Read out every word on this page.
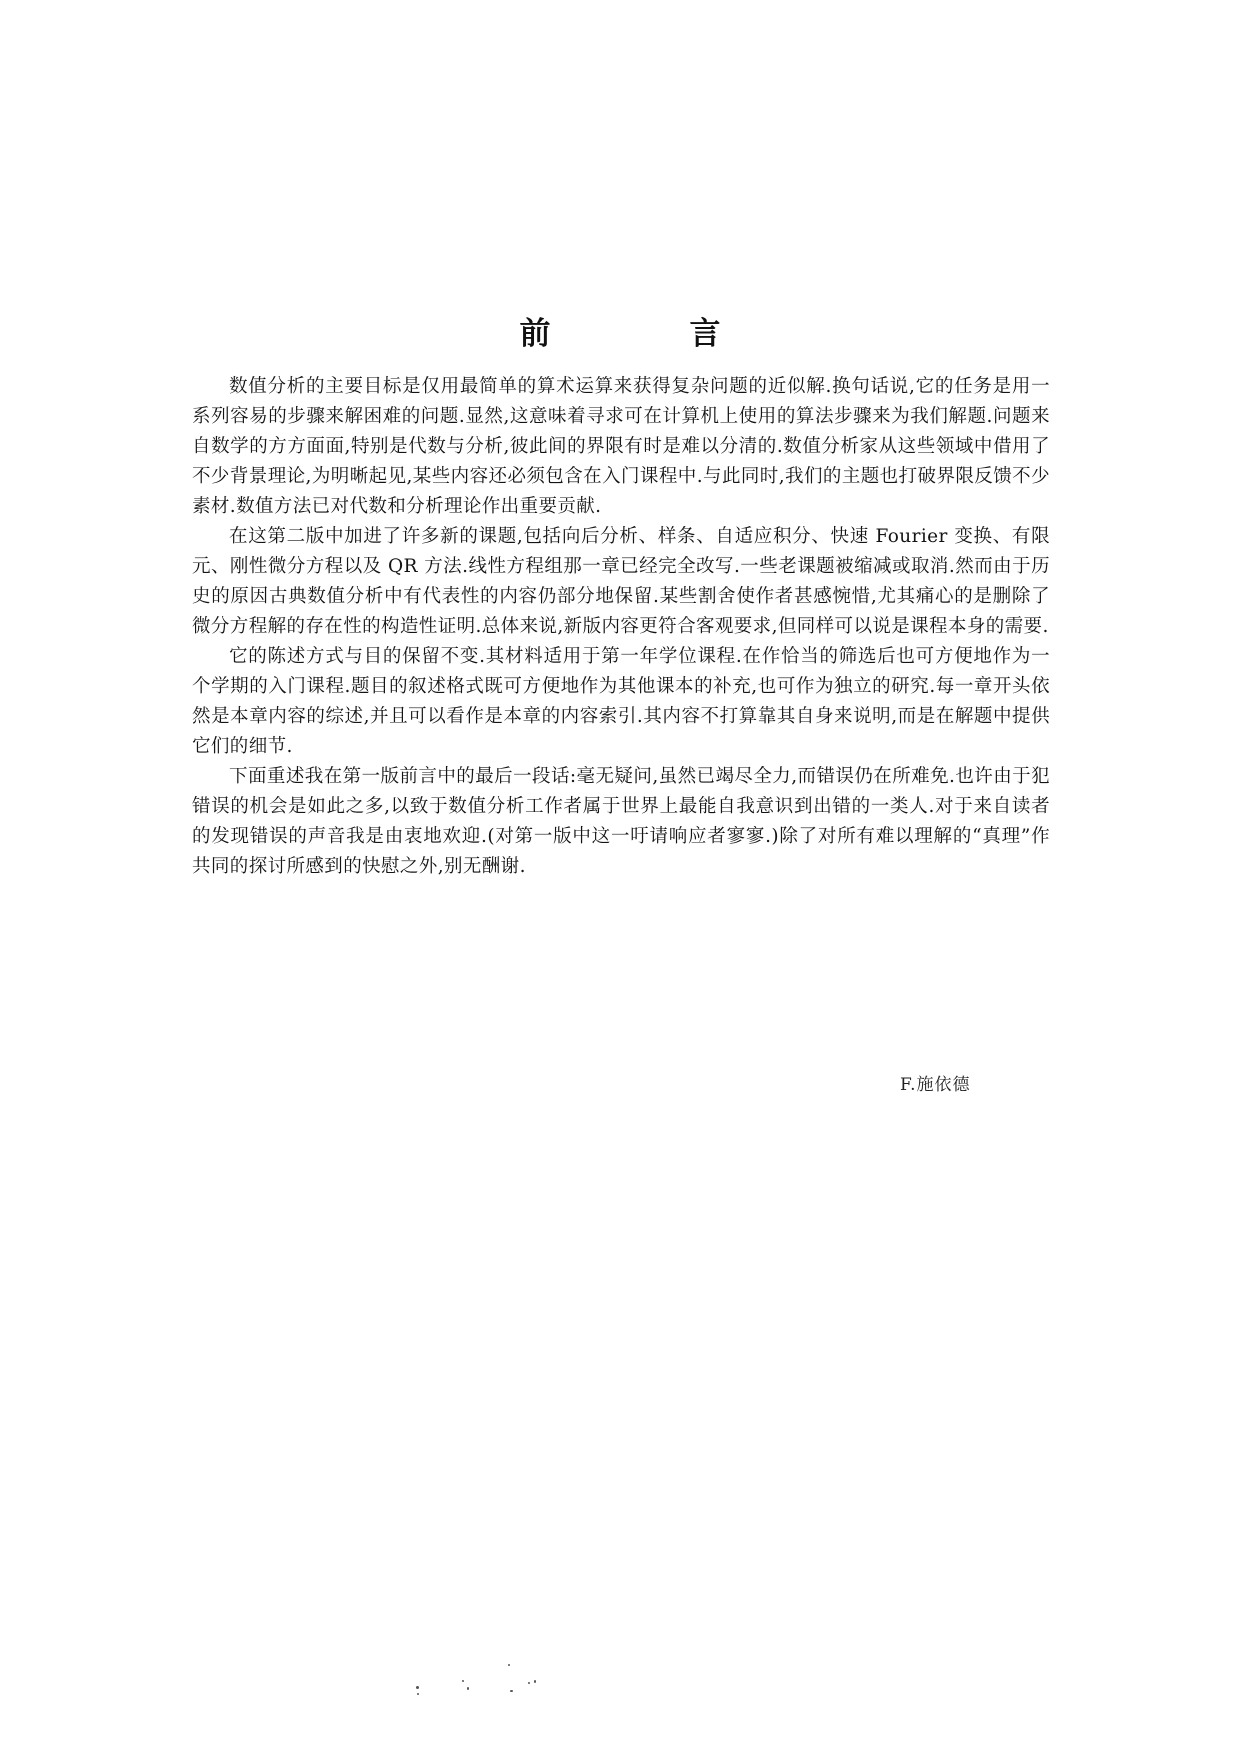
前　言

数值分析的主要目标是仅用最简单的算术运算来获得复杂问题的近似解.换句话说,它的任务是用一系列容易的步骤来解困难的问题.显然,这意味着寻求可在计算机上使用的算法步骤来为我们解题.问题来自数学的方方面面,特别是代数与分析,彼此间的界限有时是难以分清的.数值分析家从这些领域中借用了不少背景理论,为明晰起见,某些内容还必须包含在入门课程中.与此同时,我们的主题也打破界限反馈不少素材.数值方法已对代数和分析理论作出重要贡献.

在这第二版中加进了许多新的课题,包括向后分析、样条、自适应积分、快速 Fourier 变换、有限元、刚性微分方程以及 QR 方法.线性方程组那一章已经完全改写.一些老课题被缩减或取消.然而由于历史的原因古典数值分析中有代表性的内容仍部分地保留.某些割舍使作者甚感惋惜,尤其痛心的是删除了微分方程解的存在性的构造性证明.总体来说,新版内容更符合客观要求,但同样可以说是课程本身的需要.

它的陈述方式与目的保留不变.其材料适用于第一年学位课程.在作恰当的筛选后也可方便地作为一个学期的入门课程.题目的叙述格式既可方便地作为其他课本的补充,也可作为独立的研究.每一章开头依然是本章内容的综述,并且可以看作是本章的内容索引.其内容不打算靠其自身来说明,而是在解题中提供它们的细节.

下面重述我在第一版前言中的最后一段话:毫无疑问,虽然已竭尽全力,而错误仍在所难免.也许由于犯错误的机会是如此之多,以致于数值分析工作者属于世界上最能自我意识到出错的一类人.对于来自读者的发现错误的声音我是由衷地欢迎.(对第一版中这一吁请响应者寥寥.)除了对所有难以理解的“真理”作共同的探讨所感到的快慰之外,别无酬谢.

F.施依德
